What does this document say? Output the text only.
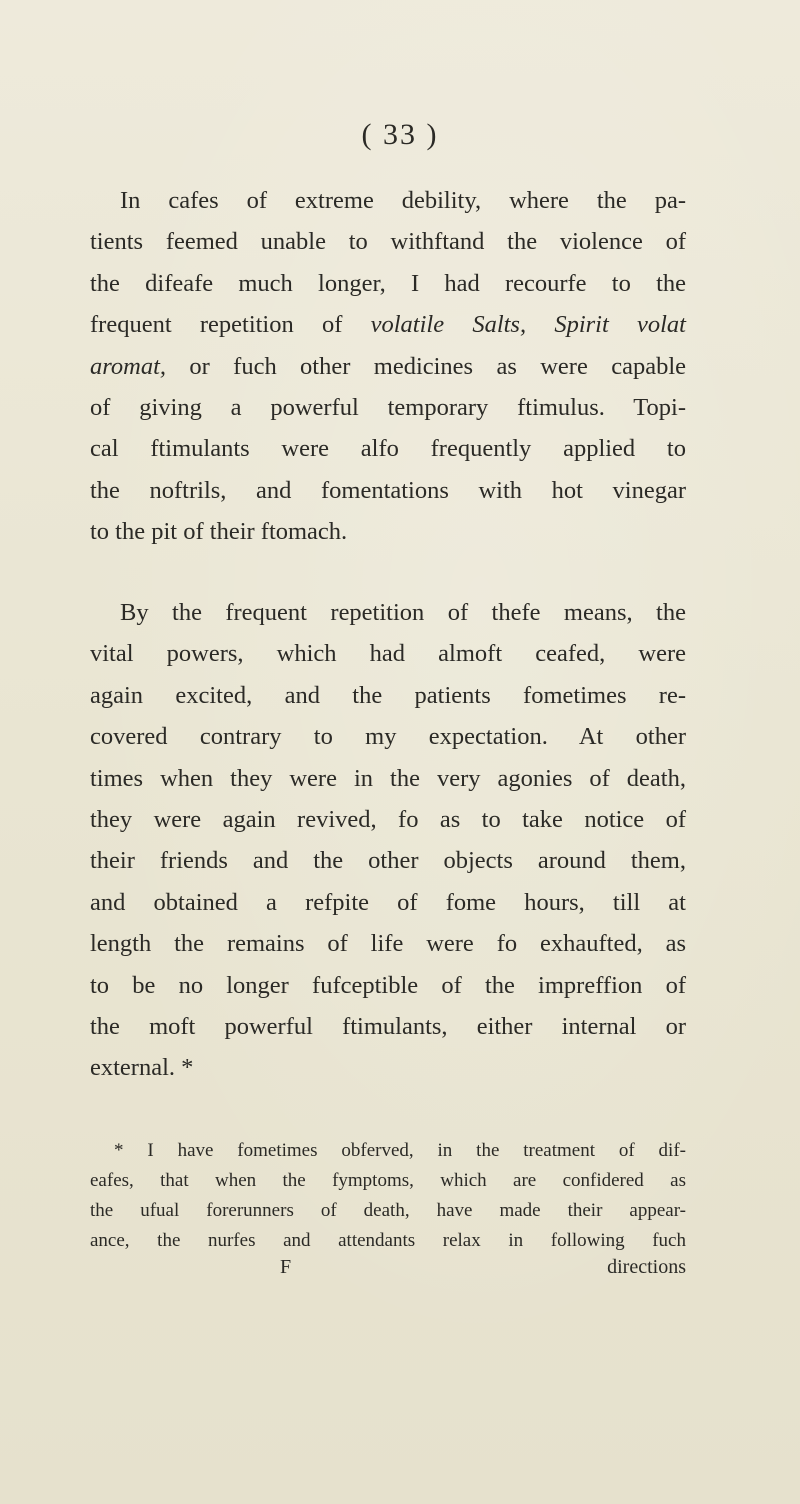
( 33 )
In cafes of extreme debility, where the pa-
tients feemed unable to withftand the violence of
the difeafe much longer, I had recourfe to the
frequent repetition of volatile Salts, Spirit volat
aromat, or fuch other medicines as were capable
of giving a powerful temporary ftimulus. Topi-
cal ftimulants were alfo frequently applied to
the noftrils, and fomentations with hot vinegar
to the pit of their ftomach.
By the frequent repetition of thefe means, the
vital powers, which had almoft ceafed, were
again excited, and the patients fometimes re-
covered contrary to my expectation. At other
times when they were in the very agonies of death,
they were again revived, fo as to take notice of
their friends and the other objects around them,
and obtained a refpite of fome hours, till at
length the remains of life were fo exhaufted, as
to be no longer fufceptible of the impreffion of
the moft powerful ftimulants, either internal or
external. *
* I have fometimes obferved, in the treatment of dif-
eafes, that when the fymptoms, which are confidered as
the ufual forerunners of death, have made their appear-
ance, the nurfes and attendants relax in following fuch
F	directions
